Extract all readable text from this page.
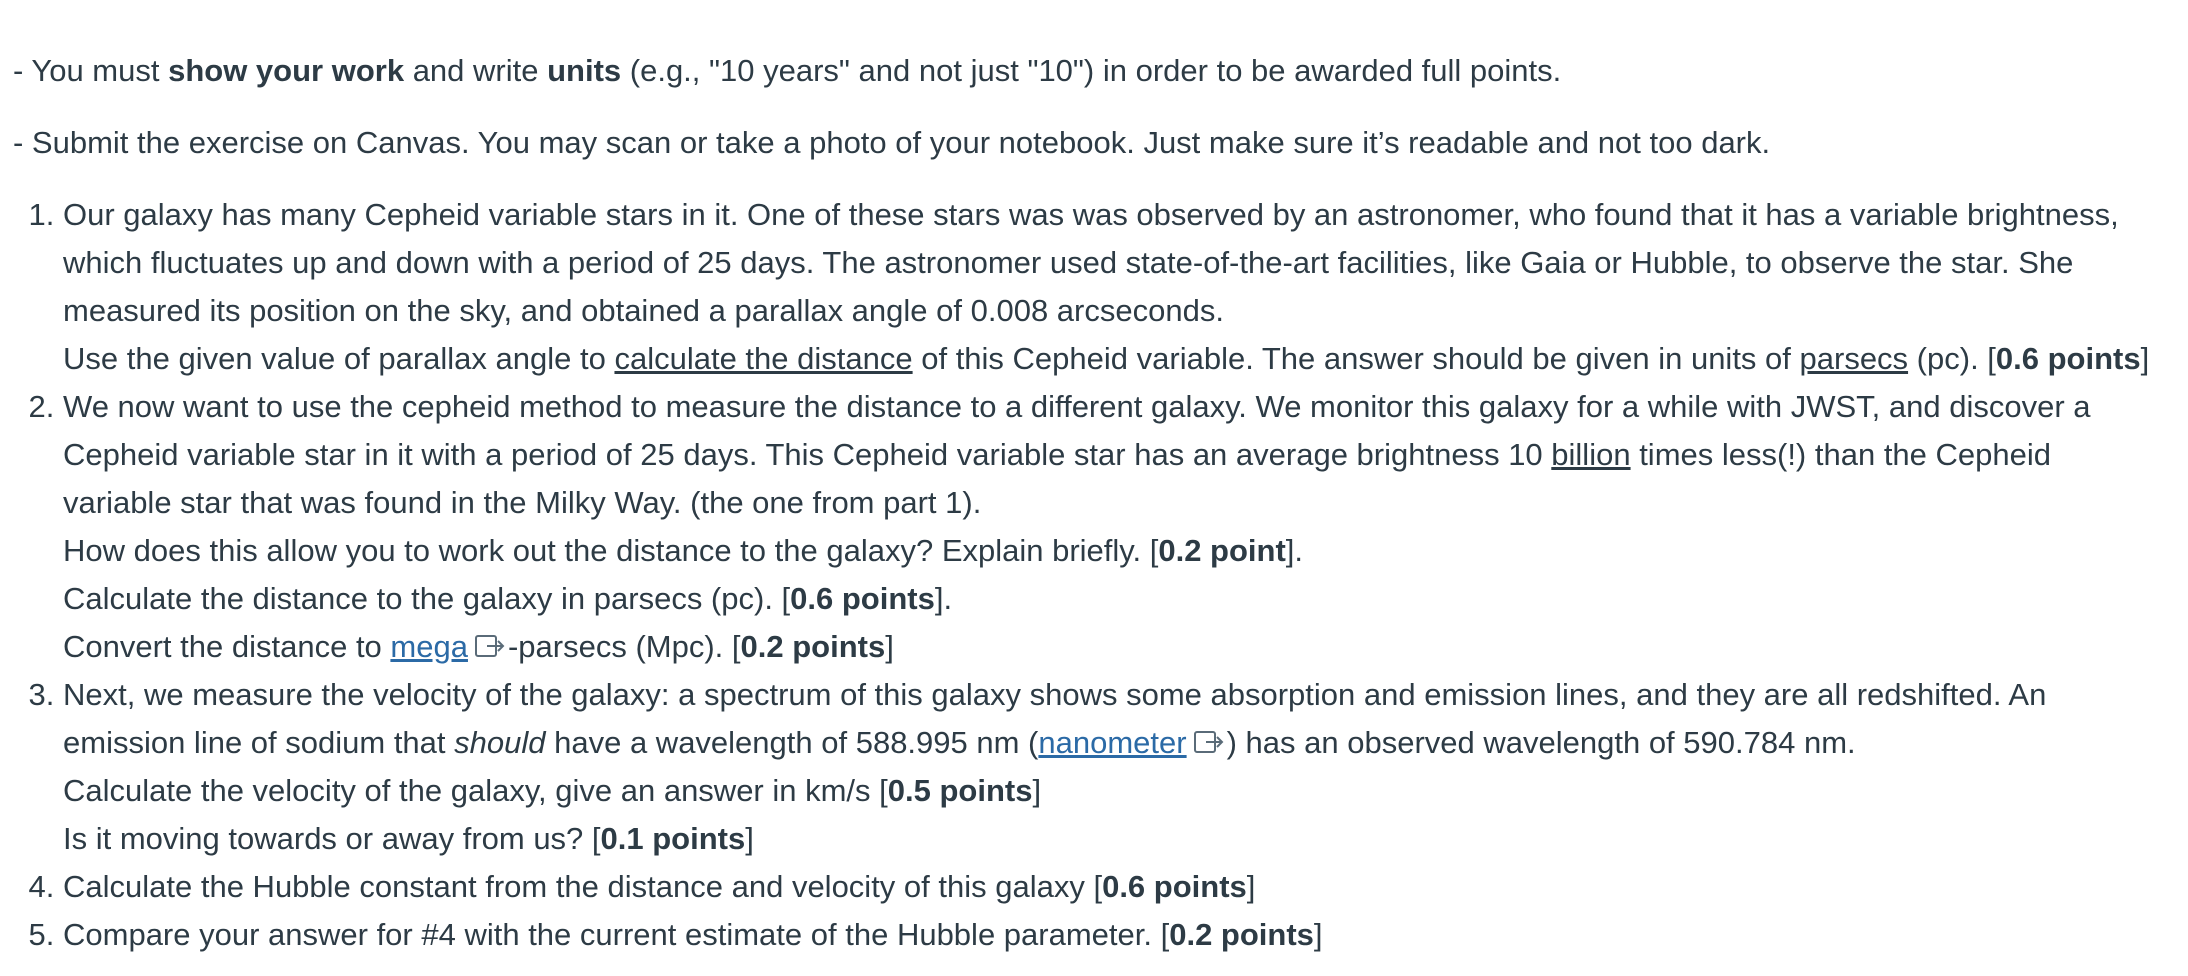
- You must show your work and write units (e.g., "10 years" and not just "10") in order to be awarded full points.

- Submit the exercise on Canvas. You may scan or take a photo of your notebook. Just make sure it’s readable and not too dark.

1. Our galaxy has many Cepheid variable stars in it. One of these stars was was observed by an astronomer, who found that it has a variable brightness,
which fluctuates up and down with a period of 25 days. The astronomer used state-of-the-art facilities, like Gaia or Hubble, to observe the star. She
measured its position on the sky, and obtained a parallax angle of 0.008 arcseconds.
Use the given value of parallax angle to calculate the distance of this Cepheid variable. The answer should be given in units of parsecs (pc). [0.6 points]
2. We now want to use the cepheid method to measure the distance to a different galaxy. We monitor this galaxy for a while with JWST, and discover a
Cepheid variable star in it with a period of 25 days. This Cepheid variable star has an average brightness 10 billion times less(!) than the Cepheid
variable star that was found in the Milky Way. (the one from part 1).
How does this allow you to work out the distance to the galaxy? Explain briefly. [0.2 point].
Calculate the distance to the galaxy in parsecs (pc). [0.6 points].
Convert the distance to mega -parsecs (Mpc). [0.2 points]
3. Next, we measure the velocity of the galaxy: a spectrum of this galaxy shows some absorption and emission lines, and they are all redshifted. An
emission line of sodium that should have a wavelength of 588.995 nm (nanometer ) has an observed wavelength of 590.784 nm.
Calculate the velocity of the galaxy, give an answer in km/s [0.5 points]
Is it moving towards or away from us? [0.1 points]
4. Calculate the Hubble constant from the distance and velocity of this galaxy [0.6 points]
5. Compare your answer for #4 with the current estimate of the Hubble parameter. [0.2 points]
